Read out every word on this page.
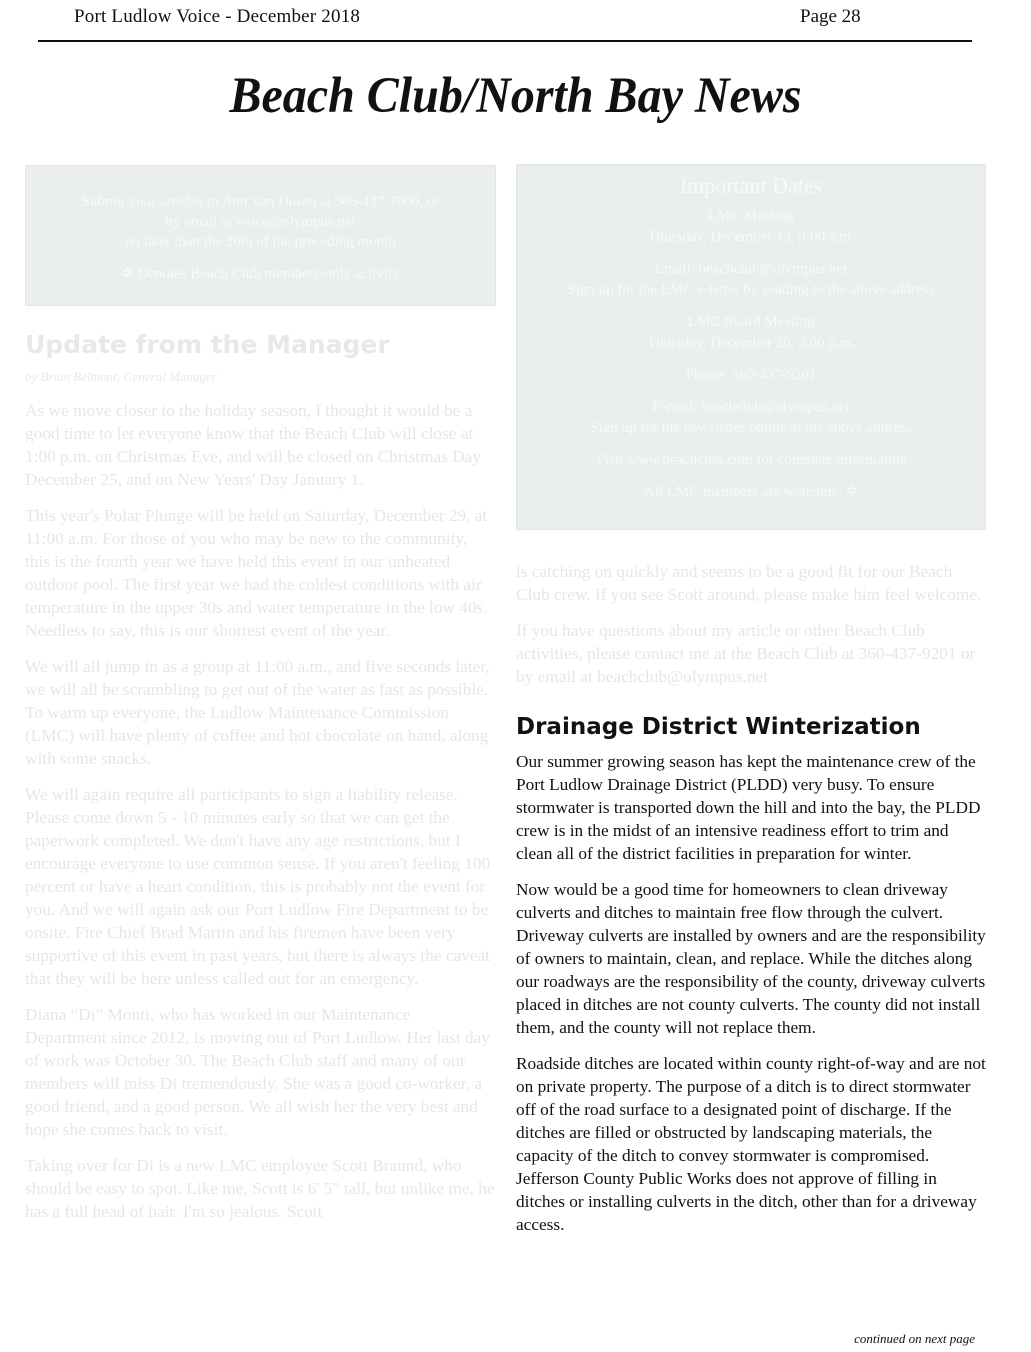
Port Ludlow Voice - December 2018	Page 28
Beach Club/North Bay News
Submit your articles to Ann Van Dusen at 360-437-7000, or
by email at voice@olympus.net
no later than the 20th of the preceding month
✲ Denotes Beach Club members-only activity
Important Dates
LMC Meeting
Thursday, December 13, 9:00 a.m.
Email: beachclub@olympus.net
Sign up for the LMC e-letter by sending to the above address
LMC Board Meeting
Thursday, December 20, 3:00 p.m.
Phone: 360-437-9201
E-mail: beachclub@olympus.net
Sign up for the newsletter online at the above address
Visit www.beachclub.com for complete information
All LMC members are welcome. ✲
Update from the Manager
by Brian Belmont, General Manager

As we move closer to the holiday season, I thought it would be a good time to let everyone know that the Beach Club will close at 1:00 p.m. on Christmas Eve, and will be closed on Christmas Day December 25, and on New Years' Day January 1.

This year's Polar Plunge will be held on Saturday, December 29, at 11:00 a.m. For those of you who may be new to the community, this is the fourth year we have held this event in our unheated outdoor pool. The first year we had the coldest conditions with air temperature in the upper 30s and water temperature in the low 40s. Needless to say, this is our shortest event of the year.

We will all jump in as a group at 11:00 a.m., and five seconds later, we will all be scrambling to get out of the water as fast as possible. To warm up everyone, the Ludlow Maintenance Commission (LMC) will have plenty of coffee and hot chocolate on hand, along with some snacks.

We will again require all participants to sign a liability release. Please come down 5 - 10 minutes early so that we can get the paperwork completed. We don't have any age restrictions, but I encourage everyone to use common sense. If you aren't feeling 100 percent or have a heart condition, this is probably not the event for you. And we will again ask our Port Ludlow Fire Department to be onsite. Fire Chief Brad Martin and his firemen have been very supportive of this event in past years, but there is always the caveat that they will be here unless called out for an emergency.

Diana “Di” Monti, who has worked in our Maintenance Department since 2012, is moving out of Port Ludlow. Her last day of work was October 30. The Beach Club staff and many of our members will miss Di tremendously. She was a good co-worker, a good friend, and a good person. We all wish her the very best and hope she comes back to visit.

Taking over for Di is a new LMC employee Scott Braund, who should be easy to spot. Like me, Scott is 6' 5" tall, but unlike me, he has a full head of hair. I'm so jealous. Scott

is catching on quickly and seems to be a good fit for our Beach Club crew. If you see Scott around, please make him feel welcome.

If you have questions about my article or other Beach Club activities, please contact me at the Beach Club at 360-437-9201 or by email at beachclub@olympus.net

Drainage District Winterization

Our summer growing season has kept the maintenance crew of the Port Ludlow Drainage District (PLDD) very busy. To ensure stormwater is transported down the hill and into the bay, the PLDD crew is in the midst of an intensive readiness effort to trim and clean all of the district facilities in preparation for winter.

Now would be a good time for homeowners to clean driveway culverts and ditches to maintain free flow through the culvert. Driveway culverts are installed by owners and are the responsibility of owners to maintain, clean, and replace. While the ditches along our roadways are the responsibility of the county, driveway culverts placed in ditches are not county culverts. The county did not install them, and the county will not replace them.

Roadside ditches are located within county right-of-way and are not on private property. The purpose of a ditch is to direct stormwater off of the road surface to a designated point of discharge. If the ditches are filled or obstructed by landscaping materials, the capacity of the ditch to convey stormwater is compromised. Jefferson County Public Works does not approve of filling in ditches or installing culverts in the ditch, other than for a driveway access.

continued on next page
